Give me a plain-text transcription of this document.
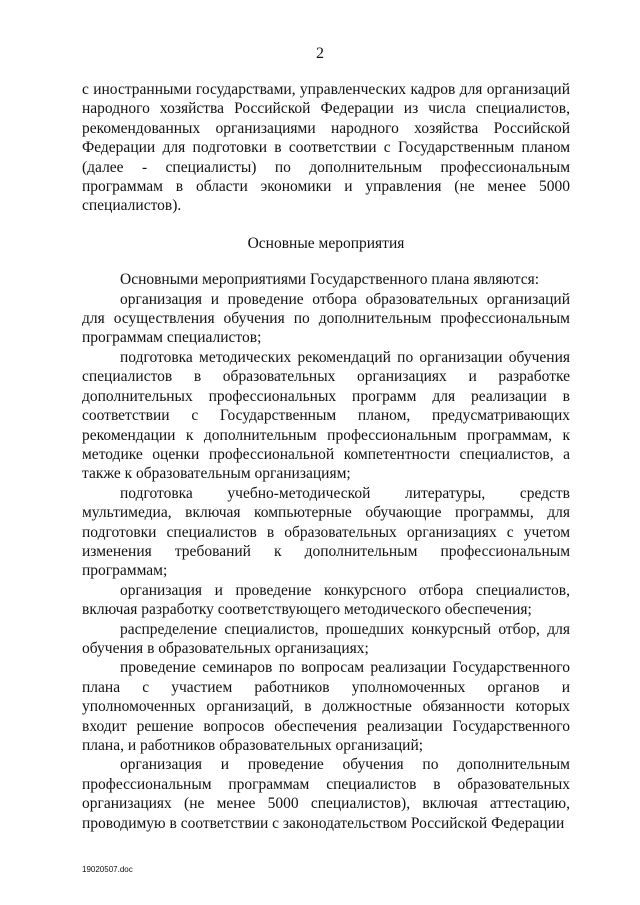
2

с иностранными государствами, управленческих кадров для организаций народного хозяйства Российской Федерации из числа специалистов, рекомендованных организациями народного хозяйства Российской Федерации для подготовки в соответствии с Государственным планом (далее - специалисты) по дополнительным профессиональным программам в области экономики и управления (не менее 5000 специалистов).

Основные мероприятия

Основными мероприятиями Государственного плана являются:

организация и проведение отбора образовательных организаций для осуществления обучения по дополнительным профессиональным программам специалистов;

подготовка методических рекомендаций по организации обучения специалистов в образовательных организациях и разработке дополнительных профессиональных программ для реализации в соответствии с Государственным планом, предусматривающих рекомендации к дополнительным профессиональным программам, к методике оценки профессиональной компетентности специалистов, а также к образовательным организациям;

подготовка учебно-методической литературы, средств мультимедиа, включая компьютерные обучающие программы, для подготовки специалистов в образовательных организациях с учетом изменения требований к дополнительным профессиональным программам;

организация и проведение конкурсного отбора специалистов, включая разработку соответствующего методического обеспечения;

распределение специалистов, прошедших конкурсный отбор, для обучения в образовательных организациях;

проведение семинаров по вопросам реализации Государственного плана с участием работников уполномоченных органов и уполномоченных организаций, в должностные обязанности которых входит решение вопросов обеспечения реализации Государственного плана, и работников образовательных организаций;

организация и проведение обучения по дополнительным профессиональным программам специалистов в образовательных организациях (не менее 5000 специалистов), включая аттестацию, проводимую в соответствии с законодательством Российской Федерации

19020507.doc
